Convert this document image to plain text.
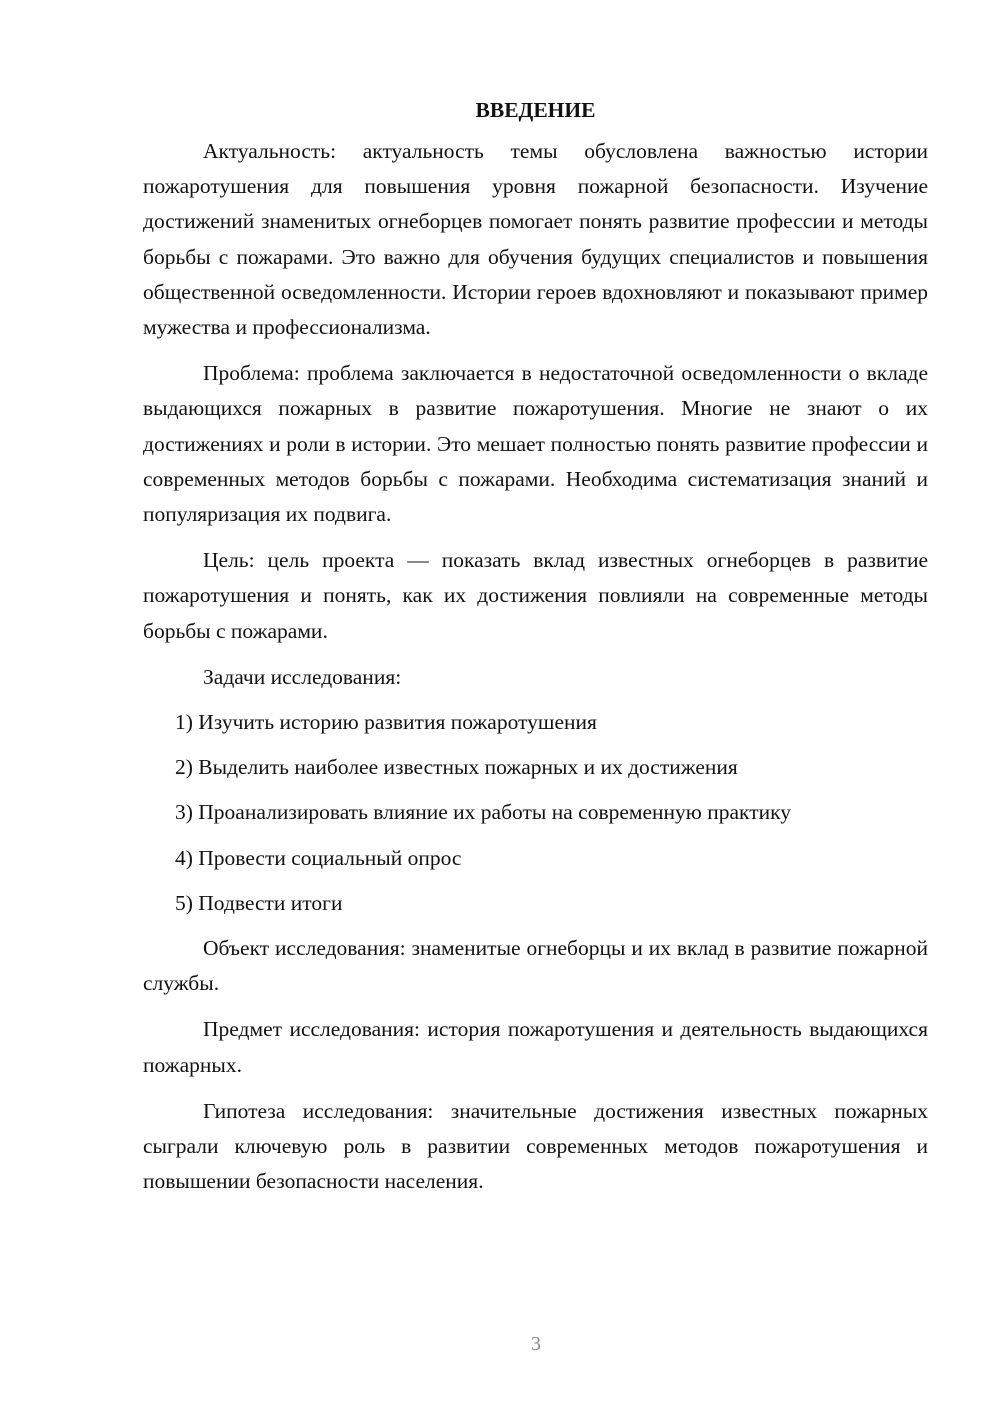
ВВЕДЕНИЕ

Актуальность: актуальность темы обусловлена важностью истории пожаротушения для повышения уровня пожарной безопасности. Изучение достижений знаменитых огнеборцев помогает понять развитие профессии и методы борьбы с пожарами. Это важно для обучения будущих специалистов и повышения общественной осведомленности. Истории героев вдохновляют и показывают пример мужества и профессионализма.

Проблема: проблема заключается в недостаточной осведомленности о вкладе выдающихся пожарных в развитие пожаротушения. Многие не знают о их достижениях и роли в истории. Это мешает полностью понять развитие профессии и современных методов борьбы с пожарами. Необходима систематизация знаний и популяризация их подвига.

Цель: цель проекта — показать вклад известных огнеборцев в развитие пожаротушения и понять, как их достижения повлияли на современные методы борьбы с пожарами.

Задачи исследования:
1) Изучить историю развития пожаротушения
2) Выделить наиболее известных пожарных и их достижения
3) Проанализировать влияние их работы на современную практику
4) Провести социальный опрос
5) Подвести итоги

Объект исследования: знаменитые огнеборцы и их вклад в развитие пожарной службы.

Предмет исследования: история пожаротушения и деятельность выдающихся пожарных.

Гипотеза исследования: значительные достижения известных пожарных сыграли ключевую роль в развитии современных методов пожаротушения и повышении безопасности населения.

3
